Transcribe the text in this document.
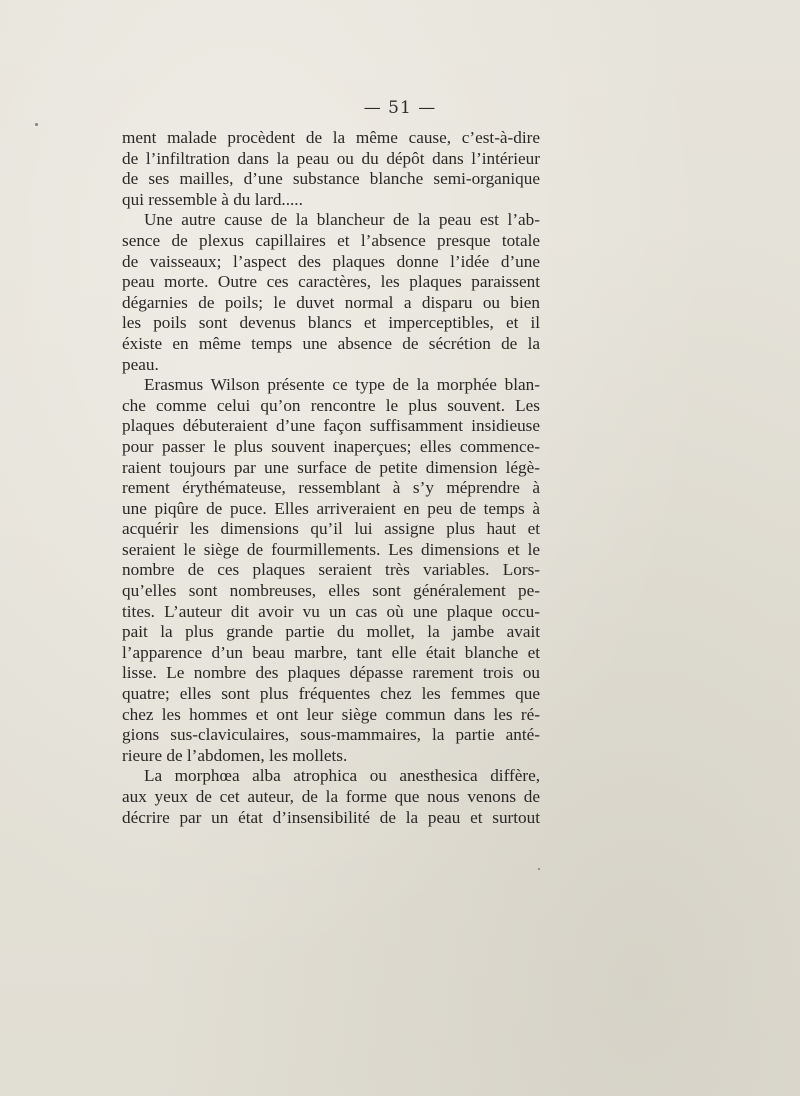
— 51 —
ment malade procèdent de la même cause, c’est-à-dire
de l’infiltration dans la peau ou du dépôt dans l’intérieur
de ses mailles, d’une substance blanche semi-organique
qui ressemble à du lard.....
Une autre cause de la blancheur de la peau est l’ab-
sence de plexus capillaires et l’absence presque totale
de vaisseaux; l’aspect des plaques donne l’idée d’une
peau morte. Outre ces caractères, les plaques paraissent
dégarnies de poils; le duvet normal a disparu ou bien
les poils sont devenus blancs et imperceptibles, et il
éxiste en même temps une absence de sécrétion de la
peau.
Erasmus Wilson présente ce type de la morphée blan-
che comme celui qu’on rencontre le plus souvent. Les
plaques débuteraient d’une façon suffisamment insidieuse
pour passer le plus souvent inaperçues; elles commence-
raient toujours par une surface de petite dimension légè-
rement érythémateuse, ressemblant à s’y méprendre à
une piqûre de puce. Elles arriveraient en peu de temps à
acquérir les dimensions qu’il lui assigne plus haut et
seraient le siège de fourmillements. Les dimensions et le
nombre de ces plaques seraient très variables. Lors-
qu’elles sont nombreuses, elles sont généralement pe-
tites. L’auteur dit avoir vu un cas où une plaque occu-
pait la plus grande partie du mollet, la jambe avait
l’apparence d’un beau marbre, tant elle était blanche et
lisse. Le nombre des plaques dépasse rarement trois ou
quatre; elles sont plus fréquentes chez les femmes que
chez les hommes et ont leur siège commun dans les ré-
gions sus-claviculaires, sous-mammaires, la partie anté-
rieure de l’abdomen, les mollets.
La morphœa alba atrophica ou anesthesica diffère,
aux yeux de cet auteur, de la forme que nous venons de
décrire par un état d’insensibilité de la peau et surtout
